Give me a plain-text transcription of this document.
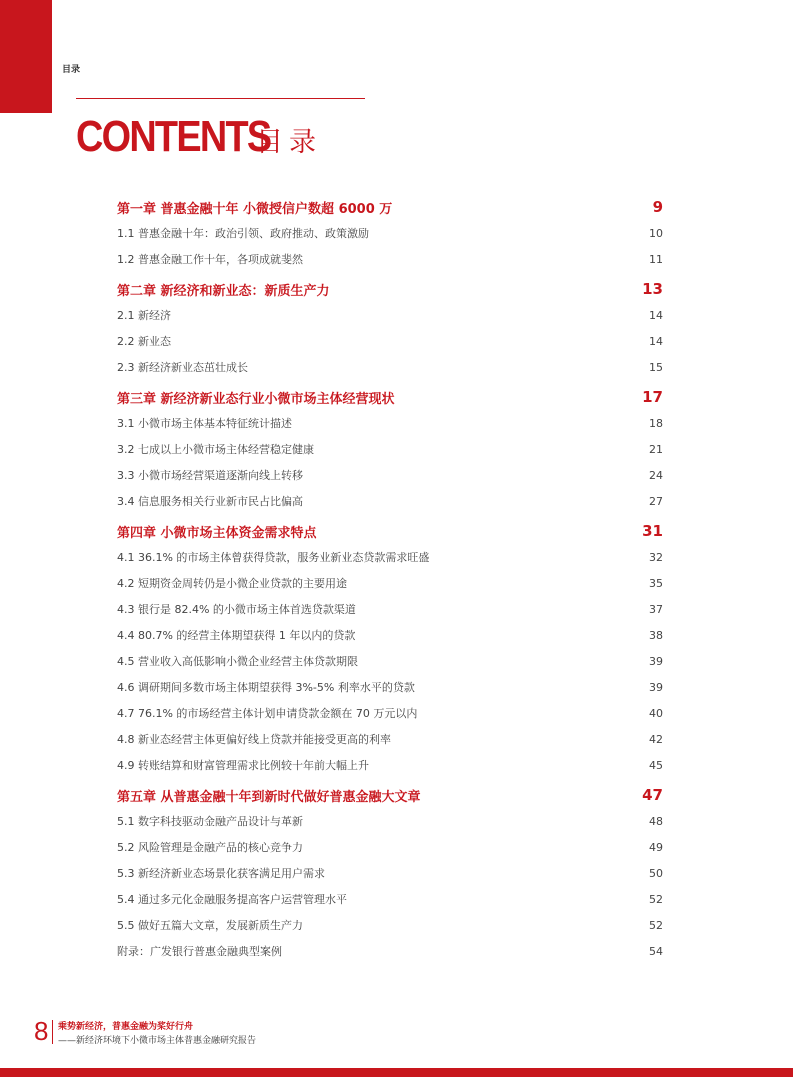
目录
CONTENTS
目录
第一章 普惠金融十年 小微授信户数超 6000 万	9
1.1 普惠金融十年：政治引领、政府推动、政策激励	10
1.2 普惠金融工作十年，各项成就斐然	11
第二章 新经济和新业态：新质生产力	13
2.1 新经济	14
2.2 新业态	14
2.3 新经济新业态茁壮成长	15
第三章 新经济新业态行业小微市场主体经营现状	17
3.1 小微市场主体基本特征统计描述	18
3.2 七成以上小微市场主体经营稳定健康	21
3.3 小微市场经营渠道逐渐向线上转移	24
3.4 信息服务相关行业新市民占比偏高	27
第四章 小微市场主体资金需求特点	31
4.1 36.1% 的市场主体曾获得贷款，服务业新业态贷款需求旺盛	32
4.2 短期资金周转仍是小微企业贷款的主要用途	35
4.3 银行是 82.4% 的小微市场主体首选贷款渠道	37
4.4 80.7% 的经营主体期望获得 1 年以内的贷款	38
4.5 营业收入高低影响小微企业经营主体贷款期限	39
4.6 调研期间多数市场主体期望获得 3%-5% 利率水平的贷款	39
4.7 76.1% 的市场经营主体计划申请贷款金额在 70 万元以内	40
4.8 新业态经营主体更偏好线上贷款并能接受更高的利率	42
4.9 转账结算和财富管理需求比例较十年前大幅上升	45
第五章 从普惠金融十年到新时代做好普惠金融大文章	47
5.1 数字科技驱动金融产品设计与革新	48
5.2 风险管理是金融产品的核心竞争力	49
5.3 新经济新业态场景化获客满足用户需求	50
5.4 通过多元化金融服务提高客户运营管理水平	52
5.5 做好五篇大文章，发展新质生产力	52
附录：广发银行普惠金融典型案例	54
8 乘势新经济，普惠金融为桨好行舟
——新经济环境下小微市场主体普惠金融研究报告
